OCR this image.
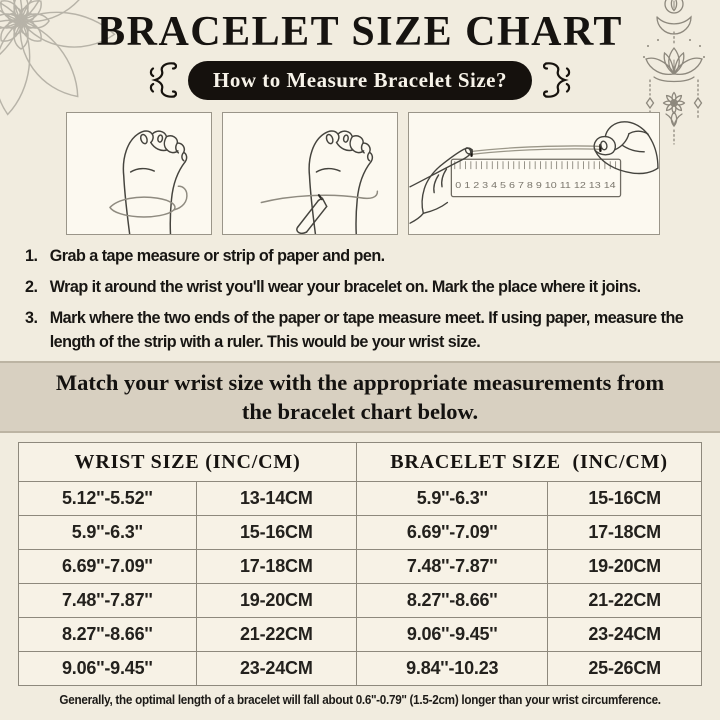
BRACELET SIZE CHART
How to Measure Bracelet Size?
0 1 2 3 4 5 6 7 8 9 10 11 12 13 14
1. Grab a tape measure or strip of paper and pen.
2. Wrap it around the wrist you'll wear your bracelet on. Mark the place where it joins.
3. Mark where the two ends of the paper or tape measure meet. If using paper, measure the length of the strip with a ruler. This would be your wrist size.

Match your wrist size with the appropriate measurements from the bracelet chart below.

WRIST SIZE (INC/CM)		BRACELET SIZE  (INC/CM)	
5.12''-5.52''	13-14CM	5.9''-6.3''	15-16CM
5.9''-6.3''	15-16CM	6.69''-7.09''	17-18CM
6.69''-7.09''	17-18CM	7.48''-7.87''	19-20CM
7.48''-7.87''	19-20CM	8.27''-8.66''	21-22CM
8.27''-8.66''	21-22CM	9.06''-9.45''	23-24CM
9.06''-9.45''	23-24CM	9.84''-10.23	25-26CM

Generally, the optimal length of a bracelet will fall about 0.6''-0.79'' (1.5-2cm) longer than your wrist circumference.
